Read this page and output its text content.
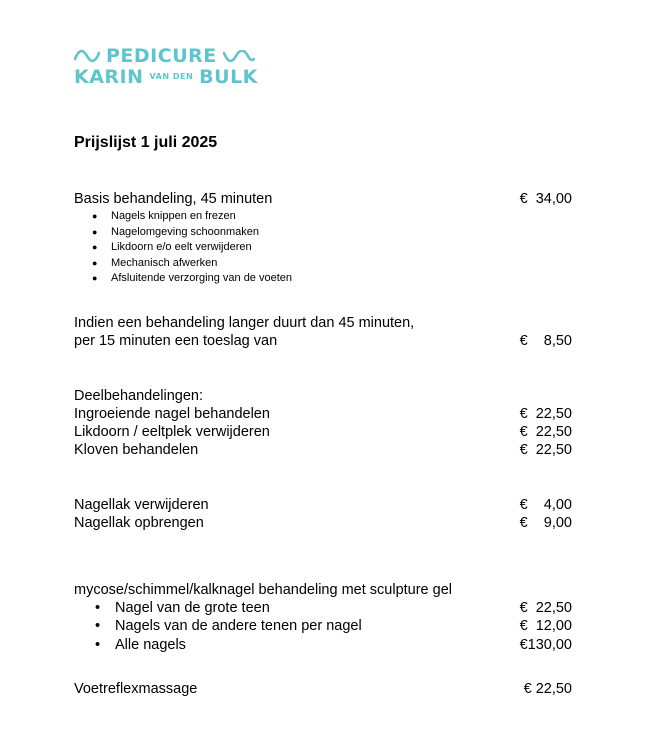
PEDICURE
KARIN VAN DEN BULK
Prijslijst 1 juli 2025
Basis behandeling, 45 minuten	€  34,00
● Nagels knippen en frezen
● Nagelomgeving schoonmaken
● Likdoorn e/o eelt verwijderen
● Mechanisch afwerken
● Afsluitende verzorging van de voeten
Indien een behandeling langer duurt dan 45 minuten,
per 15 minuten een toeslag van	€    8,50
Deelbehandelingen:
Ingroeiende nagel behandelen	€  22,50
Likdoorn / eeltplek verwijderen	€  22,50
Kloven behandelen	€  22,50
Nagellak verwijderen	€    4,00
Nagellak opbrengen	€    9,00
mycose/schimmel/kalknagel behandeling met sculpture gel
• Nagel van de grote teen	€  22,50
• Nagels van de andere tenen per nagel	€  12,00
• Alle nagels	€130,00
Voetreflexmassage	€ 22,50
